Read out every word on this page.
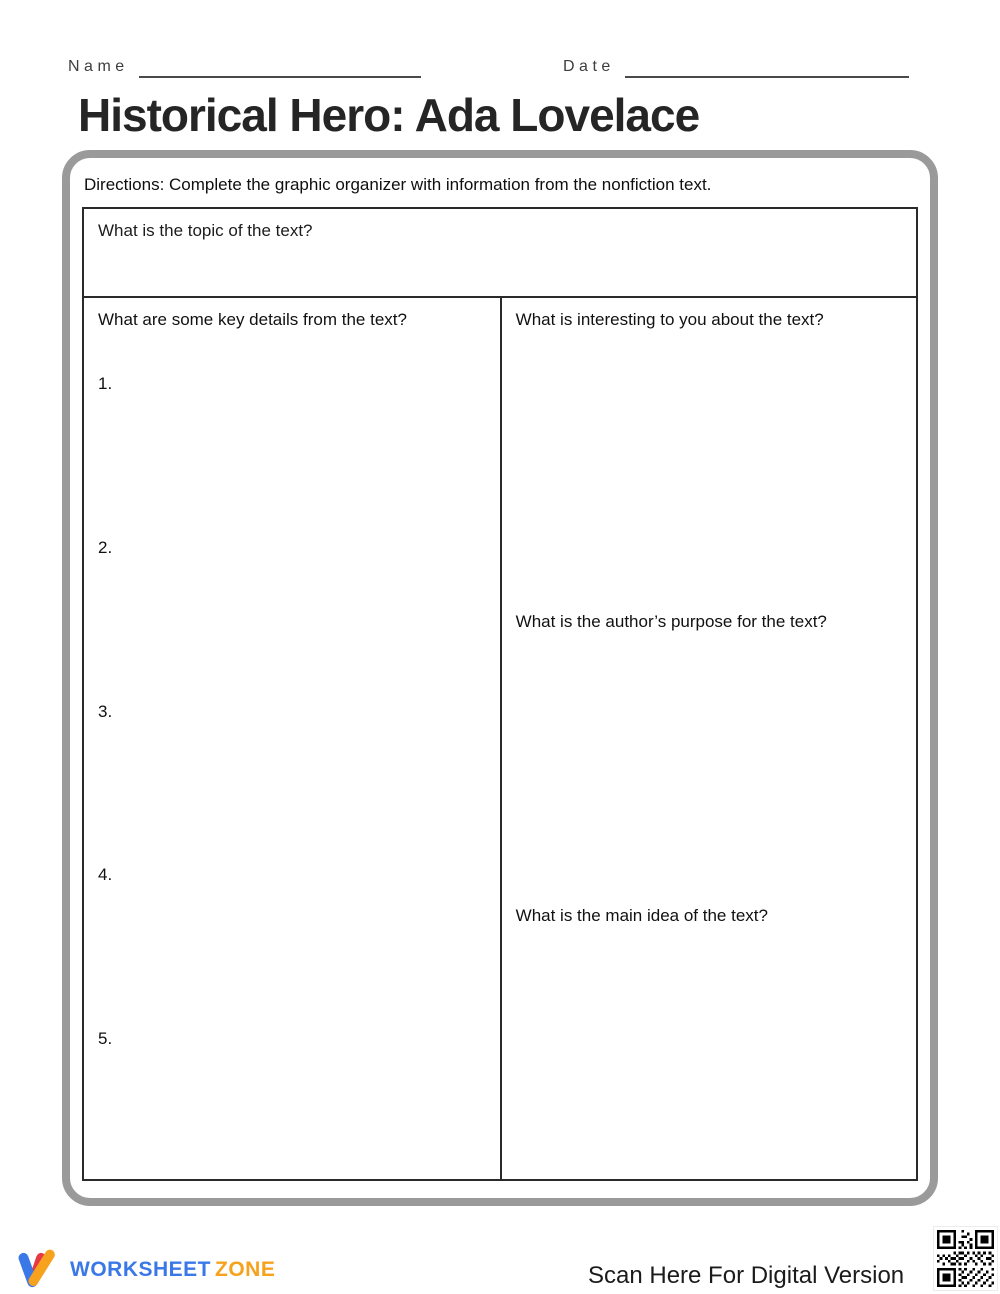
Name	Date
Historical Hero: Ada Lovelace

Directions: Complete the graphic organizer with information from the nonfiction text.

What is the topic of the text?
What are some key details from the text?
1.
2.
3.
4.
5.
What is interesting to you about the text?
What is the author’s purpose for the text?
What is the main idea of the text?
WORKSHEET ZONE	Scan Here For Digital Version
